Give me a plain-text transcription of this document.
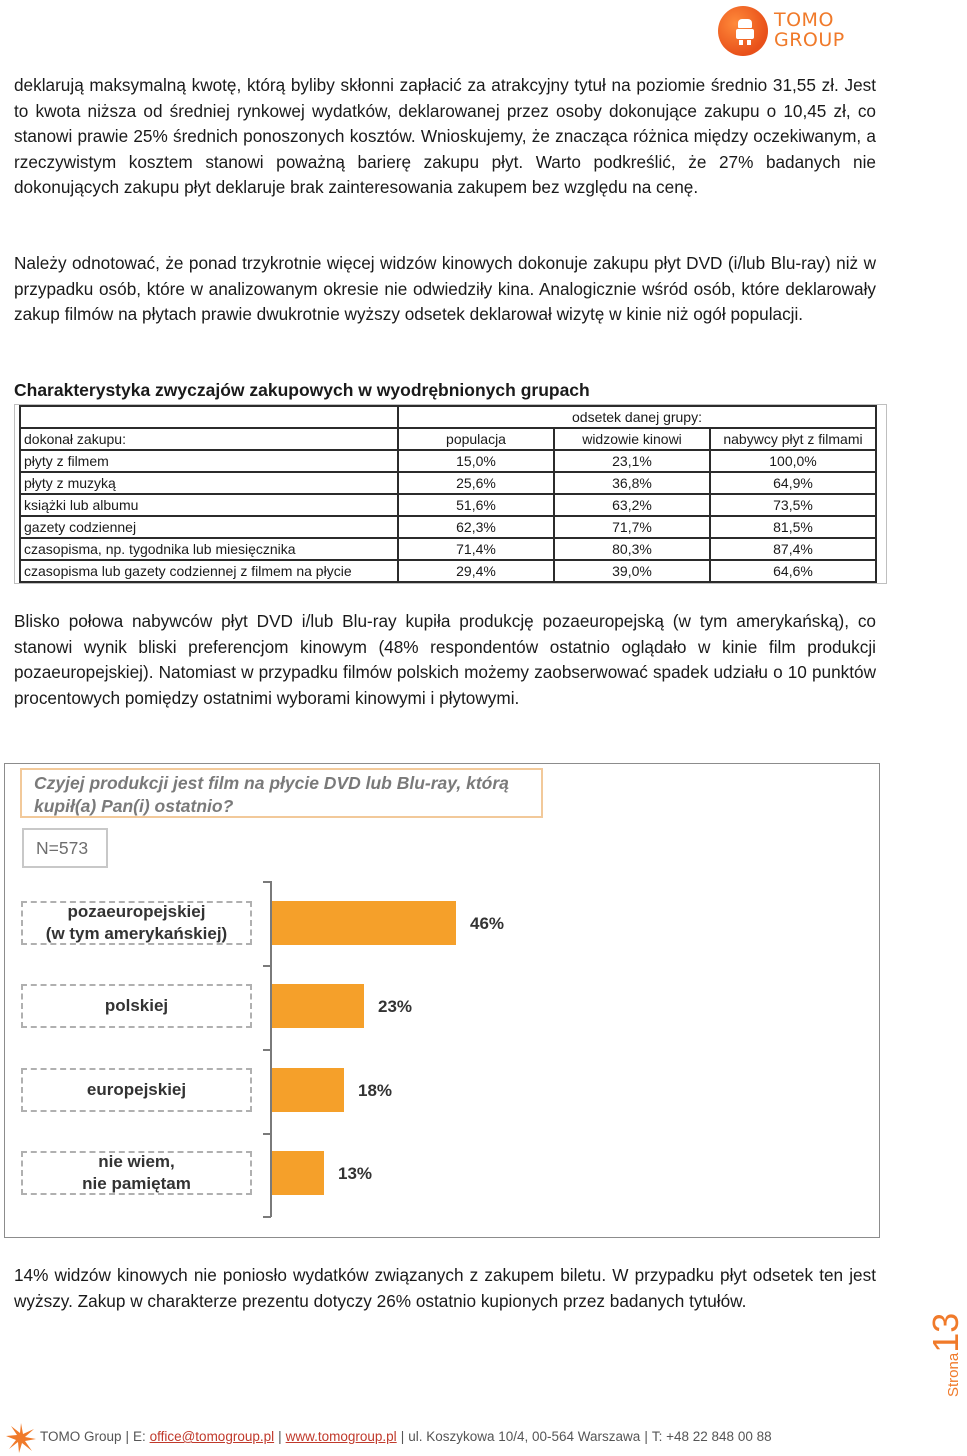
TOMO
GROUP

deklarują maksymalną kwotę, którą byliby skłonni zapłacić za atrakcyjny tytuł na poziomie średnio 31,55 zł. Jest to kwota niższa od średniej rynkowej wydatków, deklarowanej przez osoby dokonujące zakupu o 10,45 zł, co stanowi prawie 25% średnich ponoszonych kosztów. Wnioskujemy, że znacząca różnica między oczekiwanym, a rzeczywistym kosztem stanowi poważną barierę zakupu płyt. Warto podkreślić, że 27% badanych nie dokonujących zakupu płyt deklaruje brak zainteresowania zakupem bez względu na cenę.

Należy odnotować, że ponad trzykrotnie więcej widzów kinowych dokonuje zakupu płyt DVD (i/lub Blu-ray) niż w przypadku osób, które w analizowanym okresie nie odwiedziły kina. Analogicznie wśród osób, które deklarowały zakup filmów na płytach prawie dwukrotnie wyższy odsetek deklarował wizytę w kinie niż ogół populacji.

Charakterystyka zwyczajów zakupowych w wyodrębnionych grupach
	odsetek danej grupy:		
dokonał zakupu:	populacja	widzowie kinowi	nabywcy płyt z filmami
płyty z filmem	15,0%	23,1%	100,0%
płyty z muzyką	25,6%	36,8%	64,9%
książki lub albumu	51,6%	63,2%	73,5%
gazety codziennej	62,3%	71,7%	81,5%
czasopisma, np. tygodnika lub miesięcznika	71,4%	80,3%	87,4%
czasopisma lub gazety codziennej z filmem na płycie	29,4%	39,0%	64,6%

Blisko połowa nabywców płyt DVD i/lub Blu-ray kupiła produkcję pozaeuropejską (w tym amerykańską), co stanowi wynik bliski preferencjom kinowym (48% respondentów ostatnio oglądało w kinie film produkcji pozaeuropejskiej). Natomiast w przypadku filmów polskich możemy zaobserwować spadek udziału o 10 punktów procentowych pomiędzy ostatnimi wyborami kinowymi i płytowymi.

Czyjej produkcji jest film na płycie DVD lub Blu-ray, którą kupił(a) Pan(i) ostatnio?
N=573
pozaeuropejskiej
(w tym amerykańskiej)
46%
polskiej	23%
europejskiej	18%
nie wiem,
nie pamiętam
13%

14% widzów kinowych nie poniosło wydatków związanych z zakupem biletu. W przypadku płyt odsetek ten jest wyższy. Zakup w charakterze prezentu dotyczy 26% ostatnio kupionych przez badanych tytułów.

Strona13
TOMO Group | E: office@tomogroup.pl | www.tomogroup.pl | ul. Koszykowa 10/4, 00-564 Warszawa | T: +48 22 848 00 88
